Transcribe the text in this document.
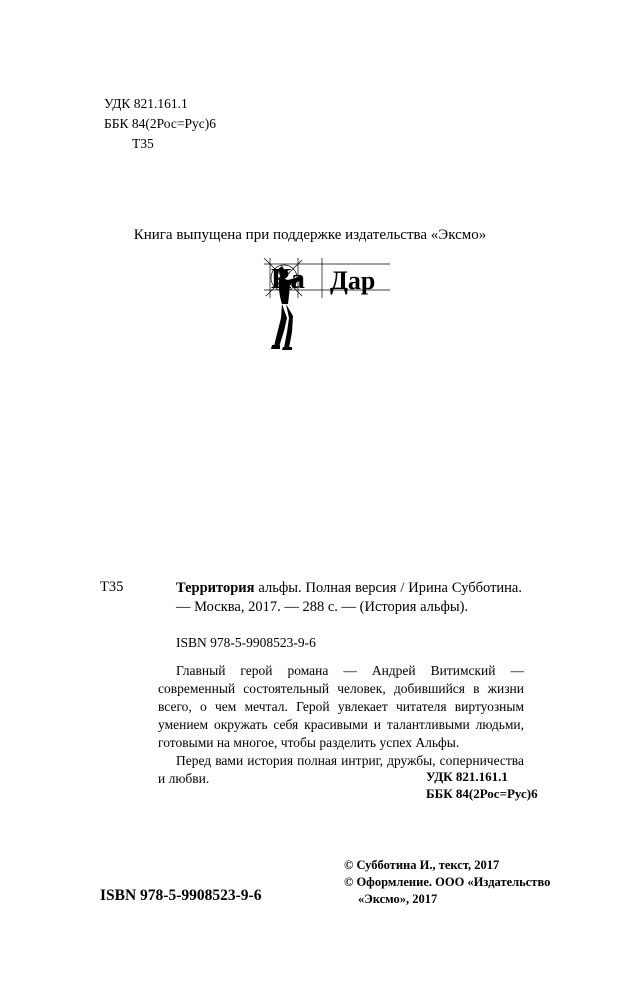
УДК 821.161.1
ББК 84(2Рос=Рус)6
Т35
Книга выпущена при поддержке издательства «Эксмо»
Ка Дар
Т35	Территория альфы. Полная версия / Ирина Субботина. — Москва, 2017. — 288 с. — (История альфы).
ISBN 978-5-9908523-9-6

Главный герой романа — Андрей Витимский — современный состоятельный человек, добившийся в жизни всего, о чем мечтал. Герой увлекает читателя виртуозным умением окружать себя красивыми и талантливыми людьми, готовыми на многое, чтобы разделить успех Альфы.

Перед вами история полная интриг, дружбы, соперничества и любви.	УДК 821.161.1
ББК 84(2Рос=Рус)6
© Субботина И., текст, 2017
© Оформление. ООО «Издательство
«Эксмо», 2017
ISBN 978-5-9908523-9-6
